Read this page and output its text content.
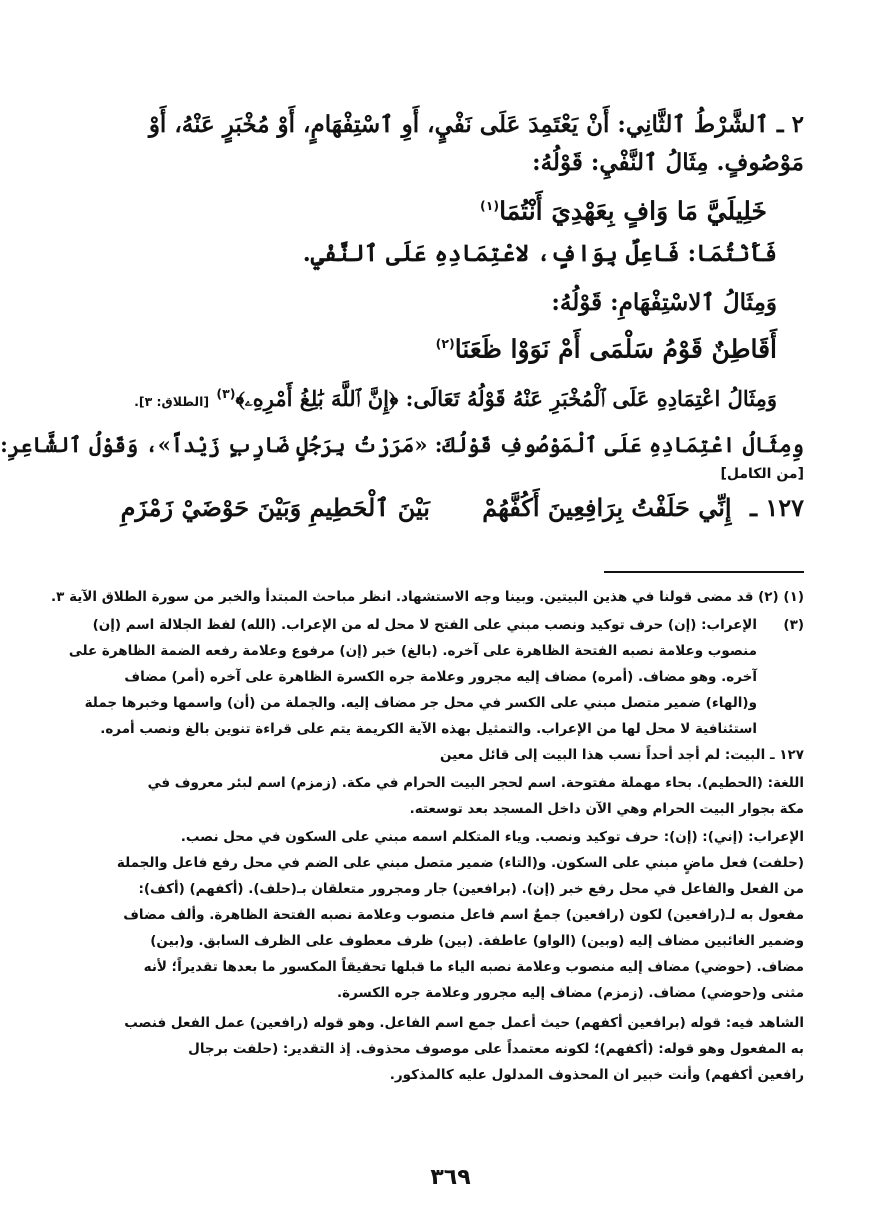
٢ ـ ٱلشَّرْطُ ٱلثَّانِي: أَنْ يَعْتَمِدَ عَلَى نَفْيٍ، أَوِ ٱسْتِفْهَامٍ، أَوْ مُخْبَرٍ عَنْهُ، أَوْ
مَوْصُوفٍ. مِثَالُ ٱلنَّفْيِ: قَوْلُهُ:
خَلِيلَيَّ مَا وَافٍ بِعَهْدِيَ أَنْتُمَا$^{(١)}$
فَأَنْتُمَا: فَاعِلٌ بِوَافٍ، لاعْتِمَادِهِ عَلَى ٱلنَّفْيِ.
وَمِثَالُ ٱلاسْتِفْهَامِ: قَوْلُهُ:
أَقَاطِنٌ قَوْمُ سَلْمَى أَمْ نَوَوْا ظَعَنَا$^{(٢)}$
وَمِثَالُ اعْتِمَادِهِ عَلَى ٱلْمُخْبَرِ عَنْهُ قَوْلُهُ تَعَالَى: ﴿إِنَّ ٱللَّهَ بَٰلِغُ أَمْرِهِۦ﴾$^{(٣)}$ [الطلاق: ٣].
وِمِثَالُ اعْتِمَادِهِ عَلَى ٱلْمَوْصُوفِ قَوْلُكَ: «مَرَرْتُ بِرَجُلٍ ضَارِبٍ زَيْداً»، وَقَوْلُ ٱلشَّاعِرِ:
[من الكامل]
١٢٧ ـ إِنِّي حَلَفْتُ بِرَافِعِينَ أَكُفَّهُمْ بَيْنَ ٱلْحَطِيمِ وَبَيْنَ حَوْضَيْ زَمْزَمِ
(١) (٢) قد مضى قولنا في هذين البيتين. وبينا وجه الاستشهاد. انظر مباحث المبتدأ والخبر من سورة الطلاق الآية ٣.
(٣)
الإعراب: (إن) حرف توكيد ونصب مبني على الفتح لا محل له من الإعراب. (الله) لفظ الجلالة اسم (إن)
منصوب وعلامة نصبه الفتحة الظاهرة على آخره. (بالغ) خبر (إن) مرفوع وعلامة رفعه الضمة الظاهرة على
آخره. وهو مضاف. (أمره) مضاف إليه مجرور وعلامة جره الكسرة الظاهرة على آخره (أمر) مضاف
و(الهاء) ضمير متصل مبني على الكسر في محل جر مضاف إليه. والجملة من (أن) واسمها وخبرها جملة
استئنافية لا محل لها من الإعراب. والتمثيل بهذه الآية الكريمة يتم على قراءة تنوين بالغ ونصب أمره.
١٢٧ ـ البيت: لم أجد أحداً نسب هذا البيت إلى قائل معين
اللغة: (الحطيم). بحاء مهملة مفتوحة. اسم لحجر البيت الحرام في مكة. (زمزم) اسم لبئر معروف في
مكة بجوار البيت الحرام وهي الآن داخل المسجد بعد توسعته.
الإعراب: (إني): (إن): حرف توكيد ونصب. وياء المتكلم اسمه مبني على السكون في محل نصب.
(حلفت) فعل ماضٍ مبني على السكون. و(التاء) ضمير متصل مبني على الضم في محل رفع فاعل والجملة
من الفعل والفاعل في محل رفع خبر (إن). (برافعين) جار ومجرور متعلقان بـ(حلف). (أكفهم) (أكف):
مفعول به لـ(رافعين) لكون (رافعين) جمعٌ اسم فاعل منصوب وعلامة نصبه الفتحة الظاهرة. وألف مضاف
وضمير الغائبين مضاف إليه (وبين) (الواو) عاطفة. (بين) ظرف معطوف على الظرف السابق. و(بين)
مضاف. (حوضي) مضاف إليه منصوب وعلامة نصبه الياء ما قبلها تحقيقاً المكسور ما بعدها تقديراً؛ لأنه
مثنى و(حوضي) مضاف. (زمزم) مضاف إليه مجرور وعلامة جره الكسرة.
الشاهد فيه: قوله (برافعين أكفهم) حيث أعمل جمع اسم الفاعل. وهو قوله (رافعين) عمل الفعل فنصب
به المفعول وهو قوله: (أكفهم)؛ لكونه معتمداً على موصوف محذوف. إذ التقدير: (حلفت برجال
رافعين أكفهم) وأنت خبير ان المحذوف المدلول عليه كالمذكور.
٣٦٩
